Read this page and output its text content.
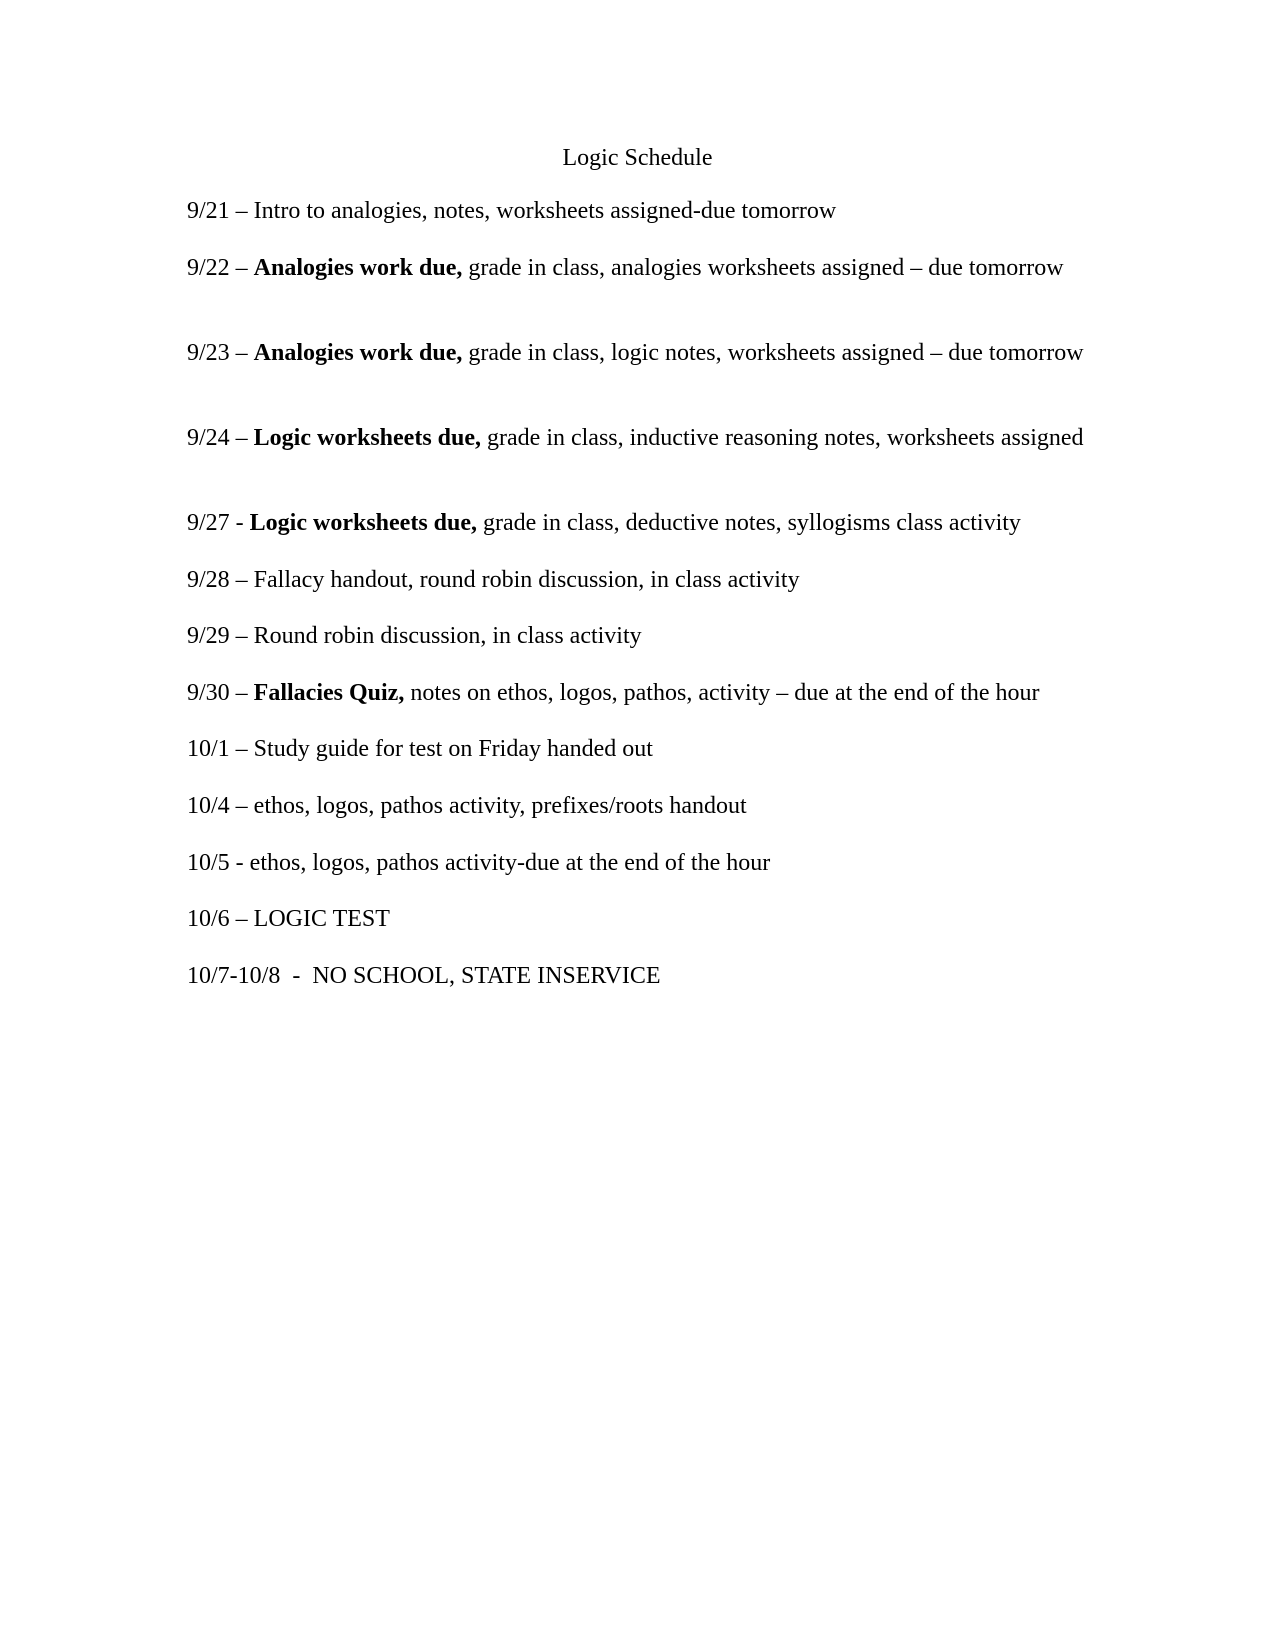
Logic Schedule

9/21 – Intro to analogies, notes, worksheets assigned-due tomorrow

9/22 – Analogies work due, grade in class, analogies worksheets assigned – due tomorrow

9/23 – Analogies work due, grade in class, logic notes, worksheets assigned – due tomorrow

9/24 – Logic worksheets due, grade in class, inductive reasoning notes, worksheets assigned

9/27 - Logic worksheets due, grade in class, deductive notes, syllogisms class activity

9/28 – Fallacy handout, round robin discussion, in class activity

9/29 – Round robin discussion, in class activity

9/30 – Fallacies Quiz, notes on ethos, logos, pathos, activity – due at the end of the hour

10/1 – Study guide for test on Friday handed out

10/4 – ethos, logos, pathos activity, prefixes/roots handout

10/5 - ethos, logos, pathos activity-due at the end of the hour

10/6 – LOGIC TEST

10/7-10/8  -  NO SCHOOL, STATE INSERVICE
